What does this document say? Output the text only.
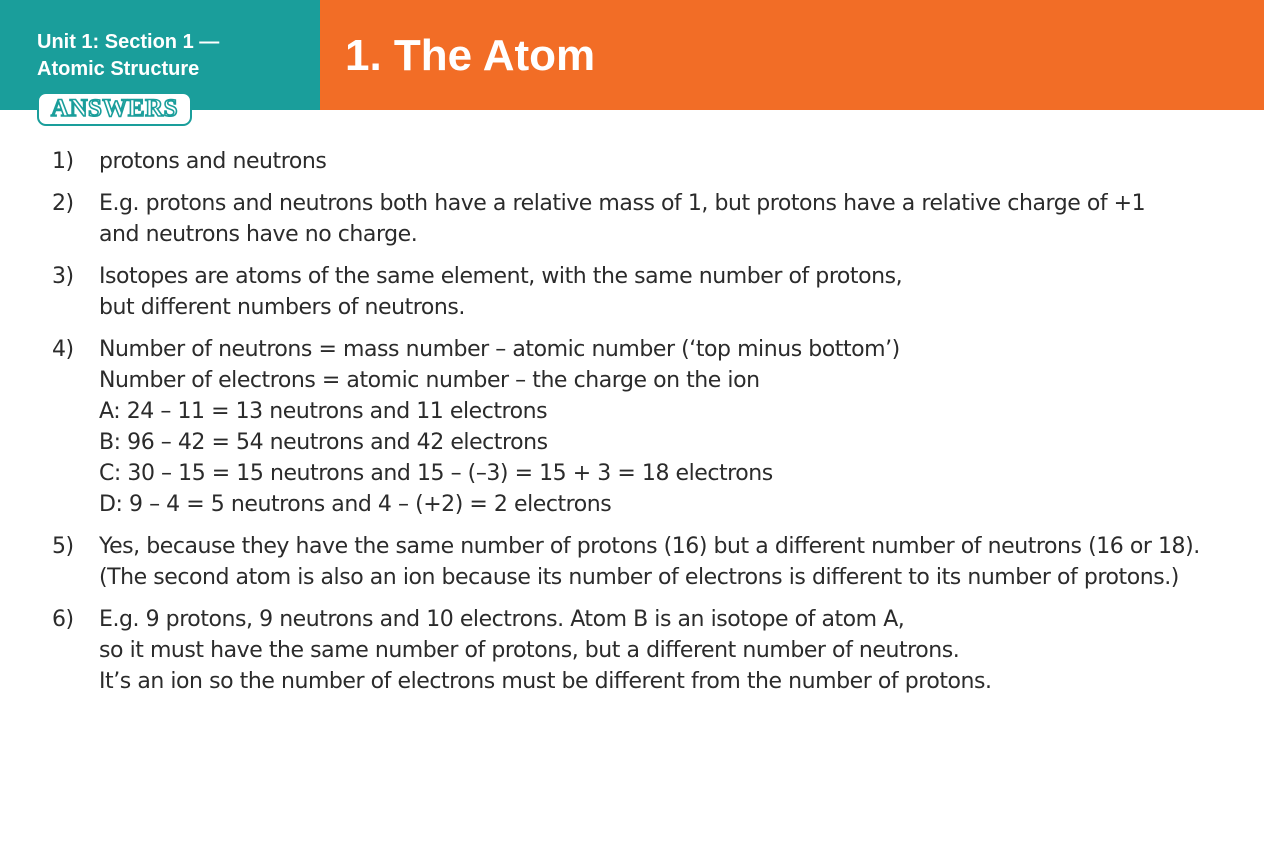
Unit 1: Section 1 —
Atomic Structure
ANSWERS
1. The Atom
1) protons and neutrons
2) E.g. protons and neutrons both have a relative mass of 1, but protons have a relative charge of +1
and neutrons have no charge.
3) Isotopes are atoms of the same element, with the same number of protons,
but different numbers of neutrons.
4) Number of neutrons = mass number – atomic number (‘top minus bottom’)
Number of electrons = atomic number – the charge on the ion
A: 24 – 11 = 13 neutrons and 11 electrons
B: 96 – 42 = 54 neutrons and 42 electrons
C: 30 – 15 = 15 neutrons and 15 – (–3) = 15 + 3 = 18 electrons
D: 9 – 4 = 5 neutrons and 4 – (+2) = 2 electrons
5) Yes, because they have the same number of protons (16) but a different number of neutrons (16 or 18).
(The second atom is also an ion because its number of electrons is different to its number of protons.)
6) E.g. 9 protons, 9 neutrons and 10 electrons. Atom B is an isotope of atom A,
so it must have the same number of protons, but a different number of neutrons.
It’s an ion so the number of electrons must be different from the number of protons.
